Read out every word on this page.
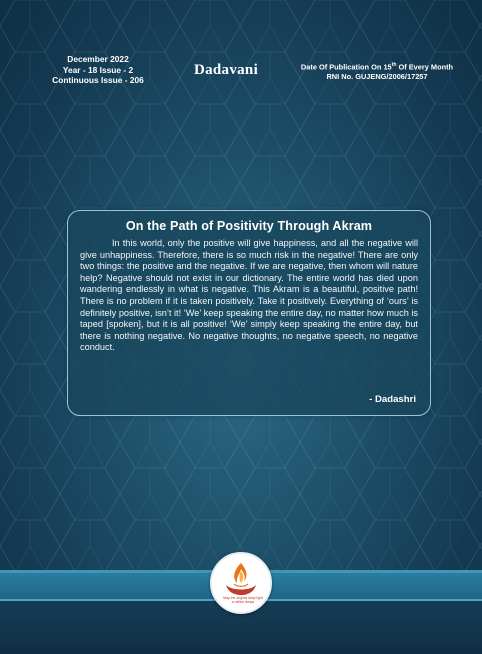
December 2022
Year - 18 Issue - 2
Continuous Issue - 206
Dadavani	Date Of Publication On 15th Of Every Month
RNI No. GUJENG/2006/17257
On the Path of Positivity Through Akram

In this world, only the positive will give happiness, and all the negative will give unhappiness. Therefore, there is so much risk in the negative! There are only two things: the positive and the negative. If we are negative, then whom will nature help? Negative should not exist in our dictionary. The entire world has died upon wandering endlessly in what is negative. This Akram is a beautiful, positive path! There is no problem if it is taken positively. Take it positively. Everything of ‘ours’ is definitely positive, isn’t it! ‘We’ keep speaking the entire day, no matter how much is taped [spoken], but it is all positive! ‘We’ simply keep speaking the entire day, but there is nothing negative. No negative thoughts, no negative speech, no negative conduct.

- Dadashri
May the original lamp light
a million lamps
